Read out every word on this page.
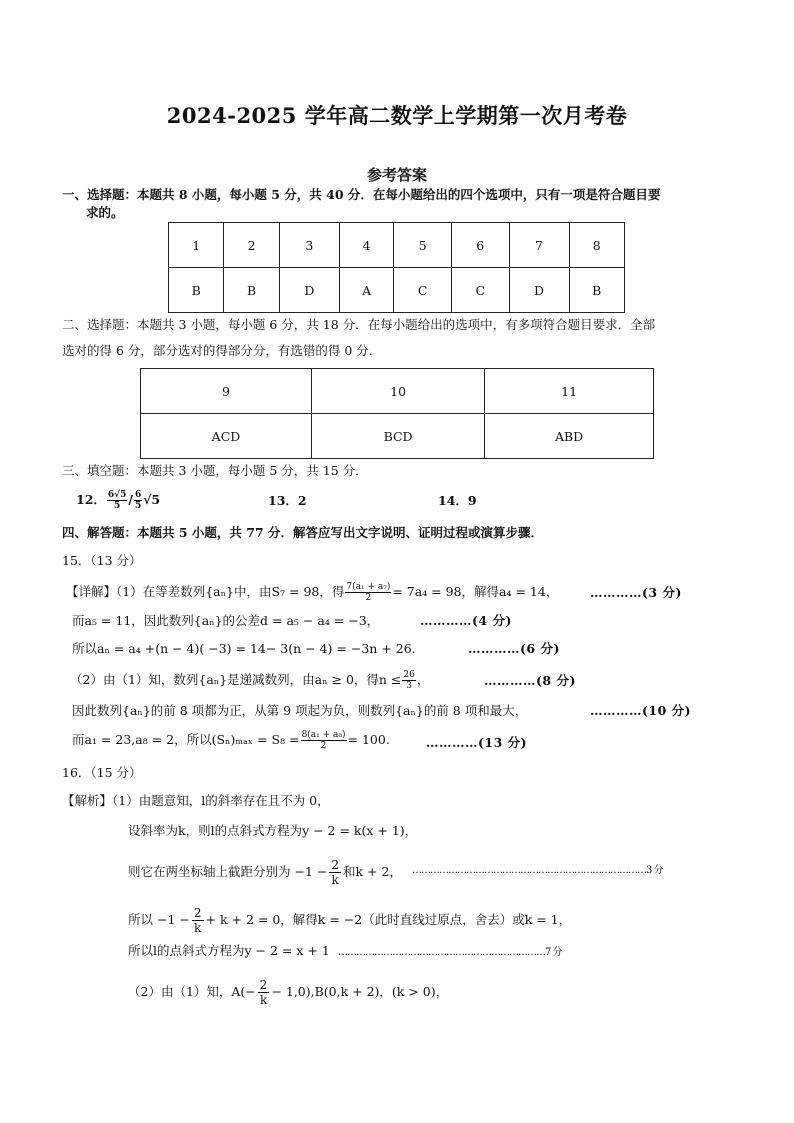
2024-2025 学年高二数学上学期第一次月考卷
参考答案
一、选择题：本题共 8 小题，每小题 5 分，共 40 分．在每小题给出的四个选项中，只有一项是符合题目要
求的。
1	2	3	4	5	6	7	8
B	B	D	A	C	C	D	B
二、选择题：本题共 3 小题，每小题 6 分，共 18 分．在每小题给出的选项中，有多项符合题目要求．全部
选对的得 6 分，部分选对的得部分分，有选错的得 0 分．
9	10	11
ACD	BCD	ABD
三、填空题：本题共 3 小题，每小题 5 分，共 15 分．
12． $\frac{6√5}{5} / \frac{6}{5} √5$	13．2	14．9
四、解答题：本题共 5 小题，共 77 分．解答应写出文字说明、证明过程或演算步骤．
15．（13 分）
【详解】（1）在等差数列{aₙ}中，由S₇ = 98，得 $\frac{\text{7(a₁ + a₇)}}{2} = 7a_4 = 98$，解得a₄ = 14，	…………(3 分)
而a₅ = 11，因此数列{aₙ}的公差d = a₅ − a₄ = −3，	…………(4 分)
所以aₙ = a₄ +(n − 4)( −3) = 14− 3(n − 4) = −3n + 26.	…………(6 分)
（2）由（1）知，数列{aₙ}是递减数列，由aₙ ≥ 0，得$n \le \frac{26}{3}$ ，	…………(8 分)
因此数列{aₙ}的前 8 项都为正，从第 9 项起为负，则数列{aₙ}的前 8 项和最大，	…………(10 分)
而a₁ = 23,a₈ = 2，所以$(S_n)_{max} = S_8 = \frac{\text{8(a₁ + a₈)}}{2} = 100$.	…………(13 分)
16．（15 分）
【解析】（1）由题意知，l的斜率存在且不为 0，
设斜率为k，则l的点斜式方程为y − 2 = k(x + 1)，
则它在两坐标轴上截距分别为 $-1 - \frac{2}{k}$ 和k + 2， ……………………………………………………………………3 分
所以 $-1 - \frac{2}{k} + k + 2 = 0$，解得k = −2（此时直线过原点，舍去）或k = 1，
所以l的点斜式方程为y − 2 = x + 1 ……………………………………………………………7 分
（2）由（1）知，$A(- \frac{2}{k} - 1,0),B(0,k + 2)$，(k > 0)，
